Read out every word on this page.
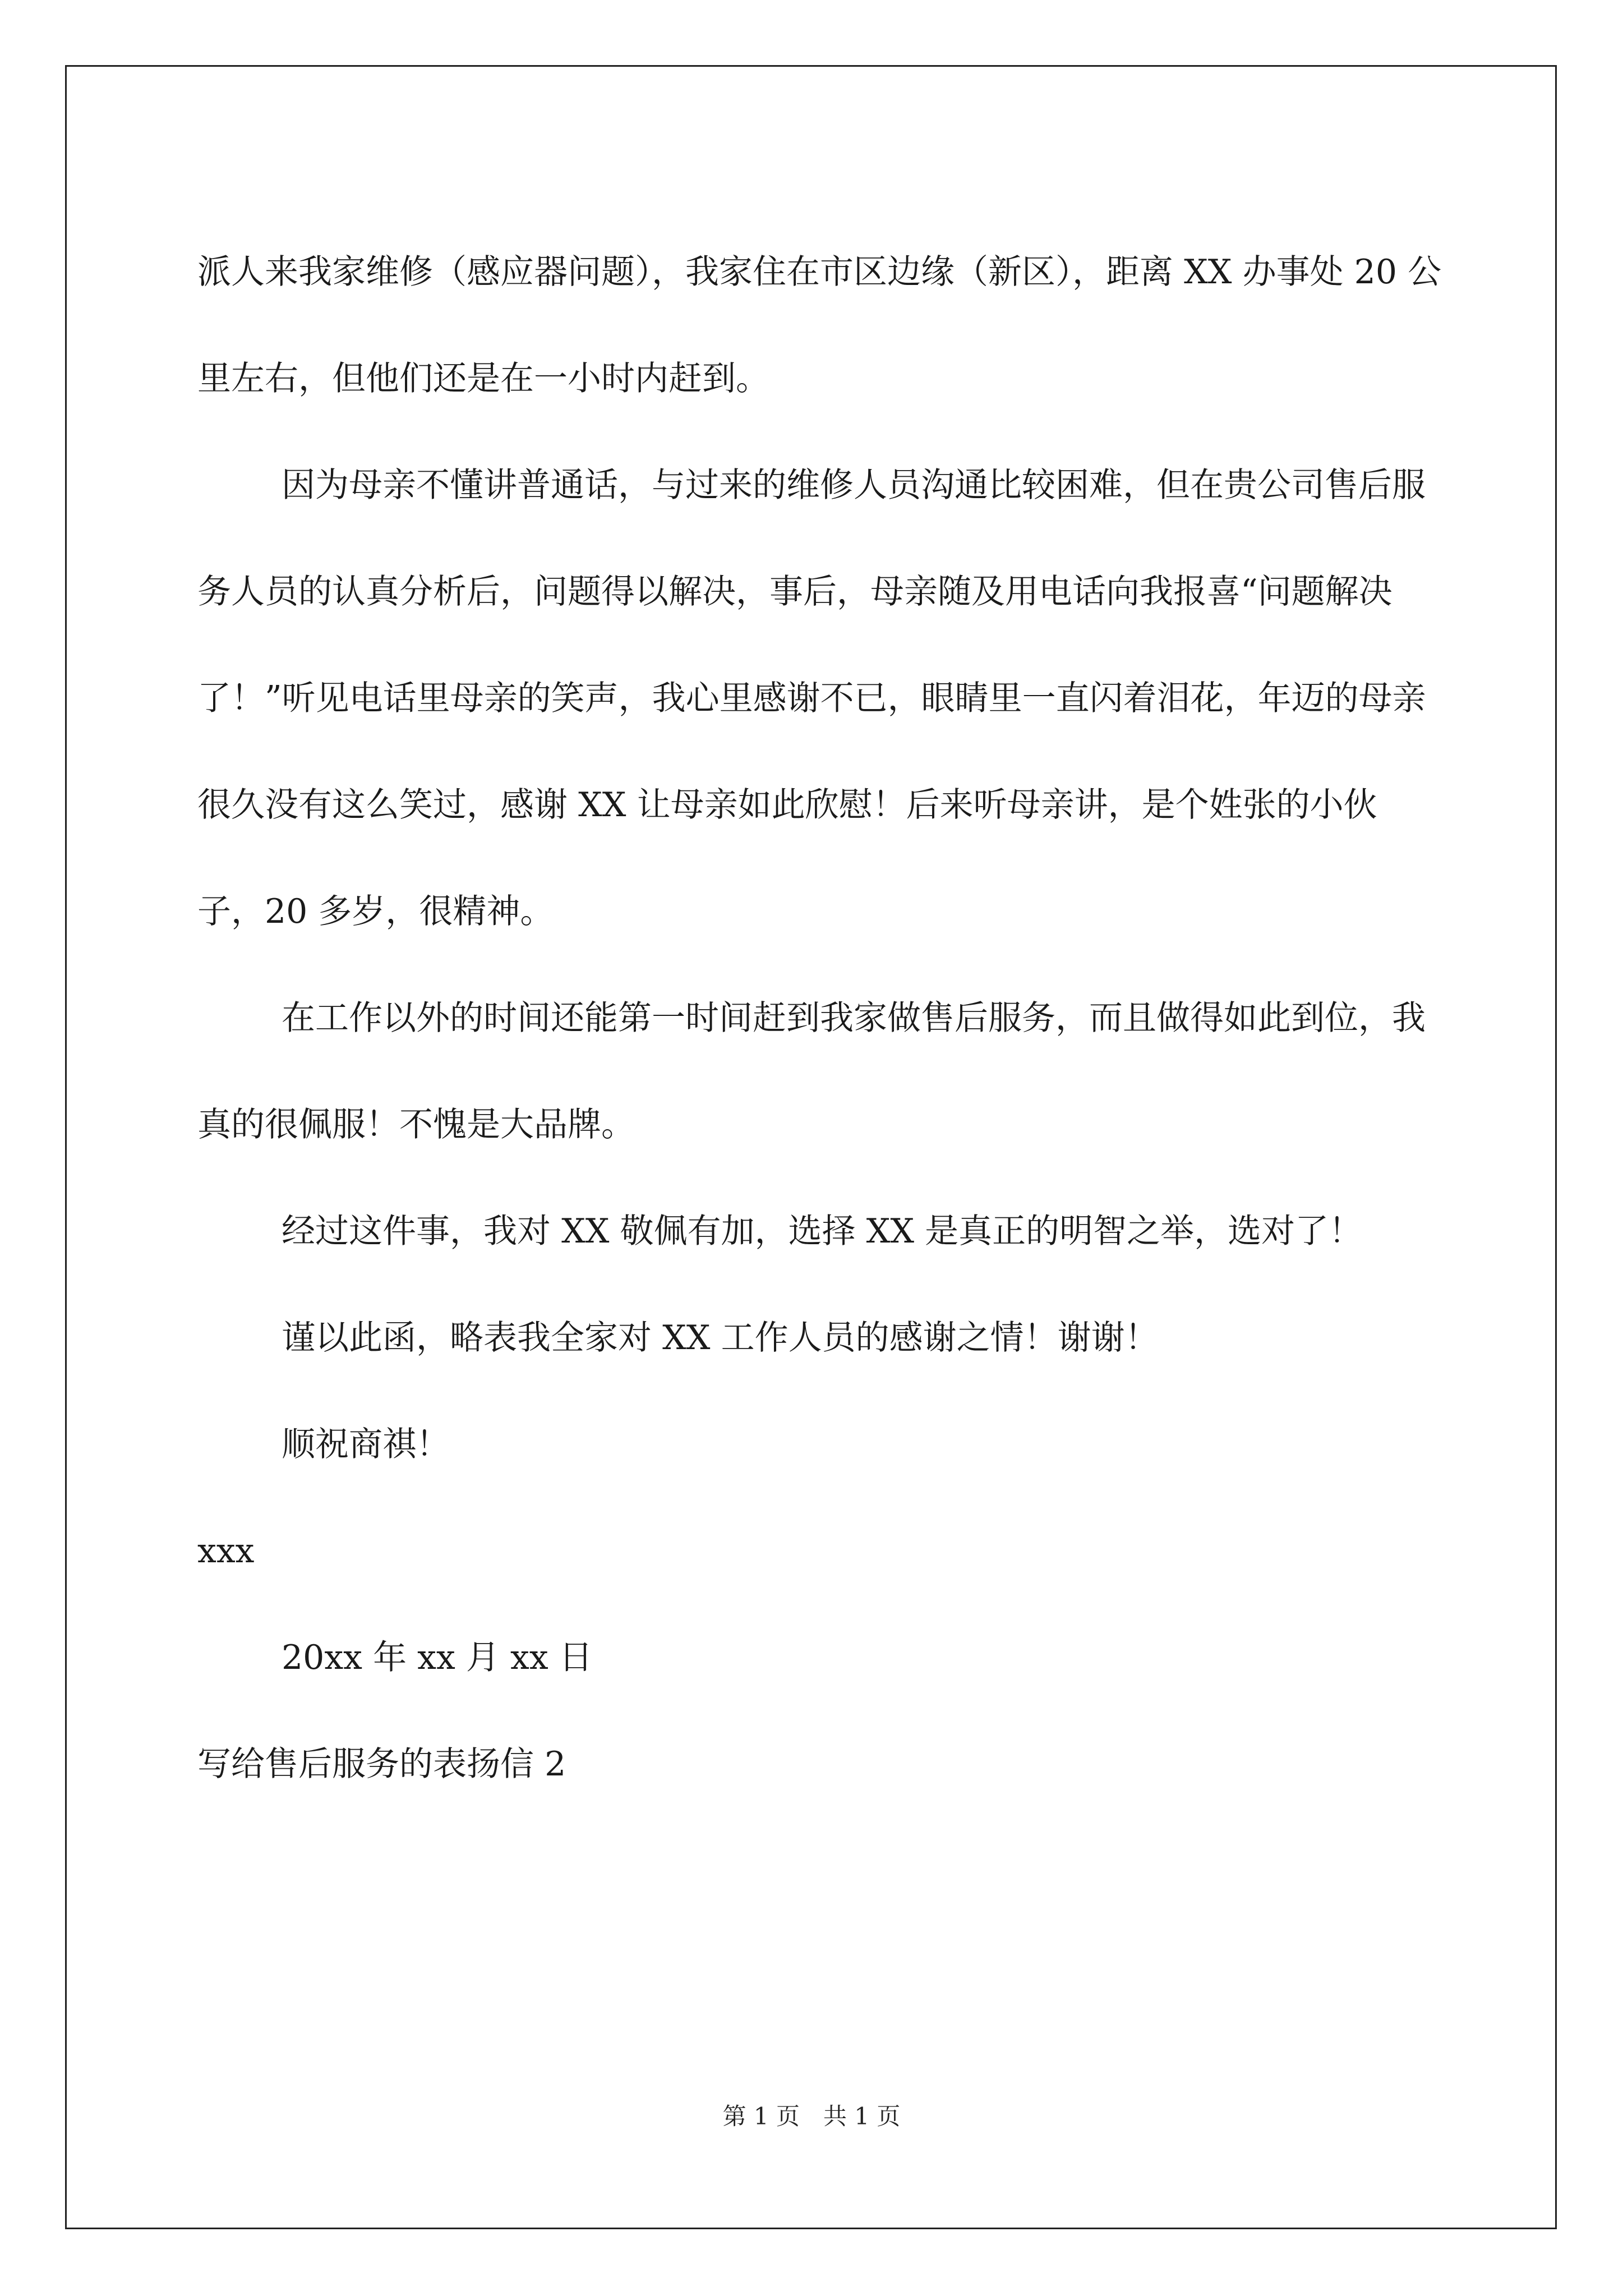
派人来我家维修（感应器问题），我家住在市区边缘（新区），距离 XX 办事处 20 公里左右，但他们还是在一小时内赶到。

因为母亲不懂讲普通话，与过来的维修人员沟通比较困难，但在贵公司售后服务人员的认真分析后，问题得以解决，事后，母亲随及用电话向我报喜“问题解决了！”听见电话里母亲的笑声，我心里感谢不已，眼睛里一直闪着泪花，年迈的母亲很久没有这么笑过，感谢 XX 让母亲如此欣慰！后来听母亲讲，是个姓张的小伙子，20 多岁，很精神。

在工作以外的时间还能第一时间赶到我家做售后服务，而且做得如此到位，我真的很佩服！不愧是大品牌。

经过这件事，我对 XX 敬佩有加，选择 XX 是真正的明智之举，选对了！

谨以此函，略表我全家对 XX 工作人员的感谢之情！谢谢！

顺祝商祺！

xxx

20xx 年 xx 月 xx 日

写给售后服务的表扬信 2

第 1 页　共 1 页
